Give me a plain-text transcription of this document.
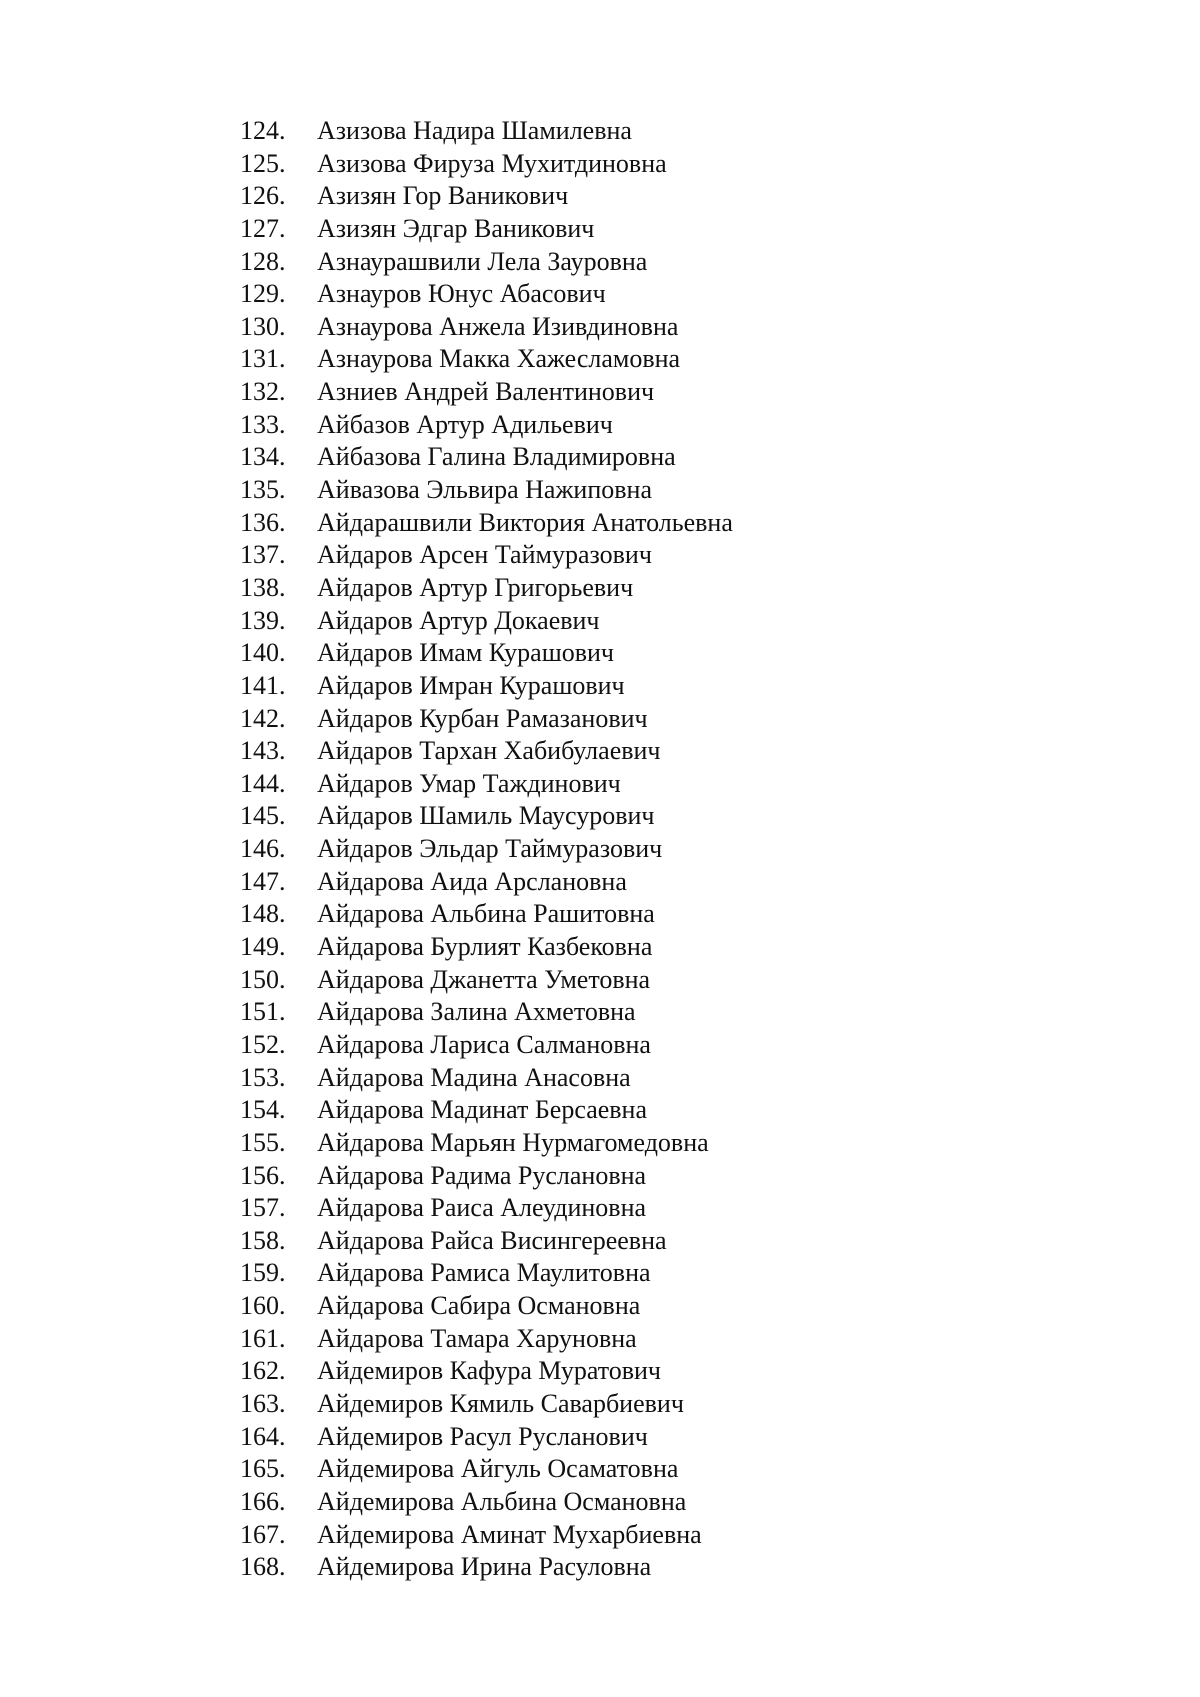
124.	Азизова Надира Шамилевна
125.	Азизова Фируза Мухитдиновна
126.	Азизян Гор Ваникович
127.	Азизян Эдгар Ваникович
128.	Азнаурашвили Лела Зауровна
129.	Азнауров Юнус Абасович
130.	Азнаурова Анжела Изивдиновна
131.	Азнаурова Макка Хажесламовна
132.	Азниев Андрей Валентинович
133.	Айбазов Артур Адильевич
134.	Айбазова Галина Владимировна
135.	Айвазова Эльвира Нажиповна
136.	Айдарашвили Виктория Анатольевна
137.	Айдаров Арсен Таймуразович
138.	Айдаров Артур Григорьевич
139.	Айдаров Артур Докаевич
140.	Айдаров Имам Курашович
141.	Айдаров Имран Курашович
142.	Айдаров Курбан Рамазанович
143.	Айдаров Тархан Хабибулаевич
144.	Айдаров Умар Таждинович
145.	Айдаров Шамиль Маусурович
146.	Айдаров Эльдар Таймуразович
147.	Айдарова Аида Арслановна
148.	Айдарова Альбина Рашитовна
149.	Айдарова Бурлият Казбековна
150.	Айдарова Джанетта Уметовна
151.	Айдарова Залина Ахметовна
152.	Айдарова Лариса Салмановна
153.	Айдарова Мадина Анасовна
154.	Айдарова Мадинат Берсаевна
155.	Айдарова Марьян Нурмагомедовна
156.	Айдарова Радима Руслановна
157.	Айдарова Раиса Алеудиновна
158.	Айдарова Райса Висингереевна
159.	Айдарова Рамиса Маулитовна
160.	Айдарова Сабира Османовна
161.	Айдарова Тамара Харуновна
162.	Айдемиров Кафура Муратович
163.	Айдемиров Кямиль Саварбиевич
164.	Айдемиров Расул Русланович
165.	Айдемирова Айгуль Осаматовна
166.	Айдемирова Альбина Османовна
167.	Айдемирова Аминат Мухарбиевна
168.	Айдемирова Ирина Расуловна
